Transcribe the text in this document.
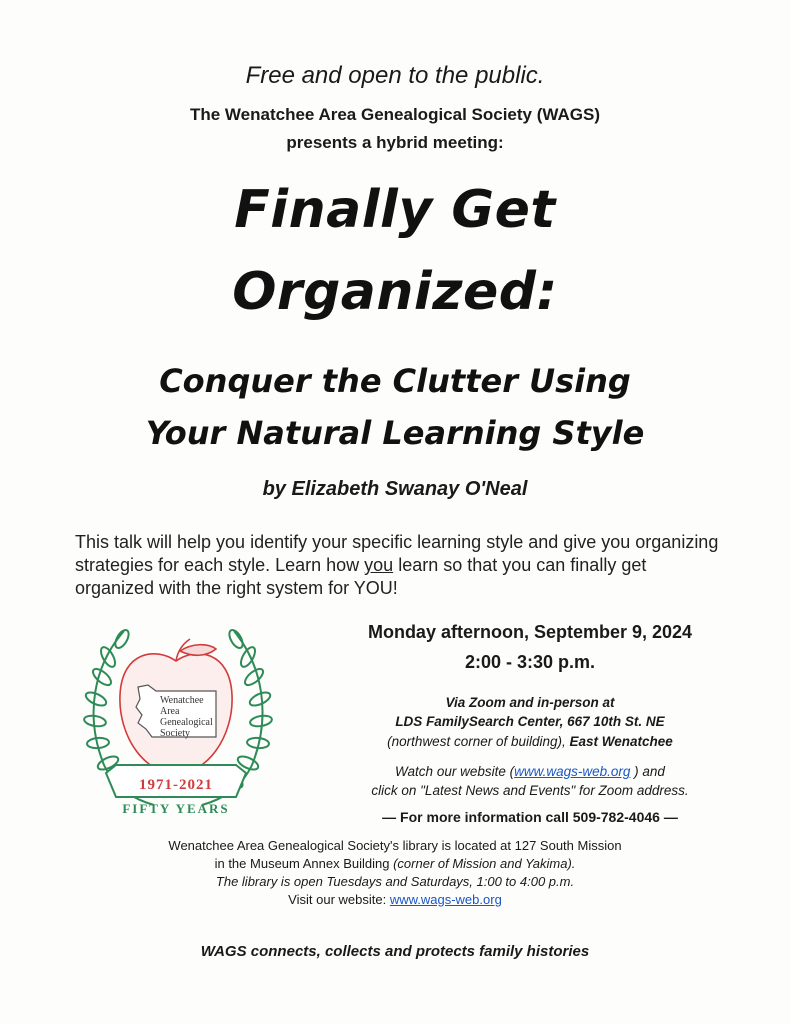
Free and open to the public.
The Wenatchee Area Genealogical Society (WAGS)
presents a hybrid meeting:
Finally Get
Organized:
Conquer the Clutter Using
Your Natural Learning Style
by Elizabeth Swanay O'Neal
This talk will help you identify your specific learning style and give you organizing strategies for each style. Learn how you learn so that you can finally get organized with the right system for YOU!
Wenatchee
Area
Genealogical
Society
1971-2021
FIFTY YEARS
Monday afternoon, September 9, 2024
2:00 - 3:30 p.m.
Via Zoom and in-person at
LDS FamilySearch Center, 667 10th St. NE
(northwest corner of building), East Wenatchee
Watch our website (www.wags-web.org ) and
click on "Latest News and Events" for Zoom address.
— For more information call 509-782-4046 —
Wenatchee Area Genealogical Society's library is located at 127 South Mission
in the Museum Annex Building (corner of Mission and Yakima).
The library is open Tuesdays and Saturdays, 1:00 to 4:00 p.m.
Visit our website: www.wags-web.org
WAGS connects, collects and protects family histories
